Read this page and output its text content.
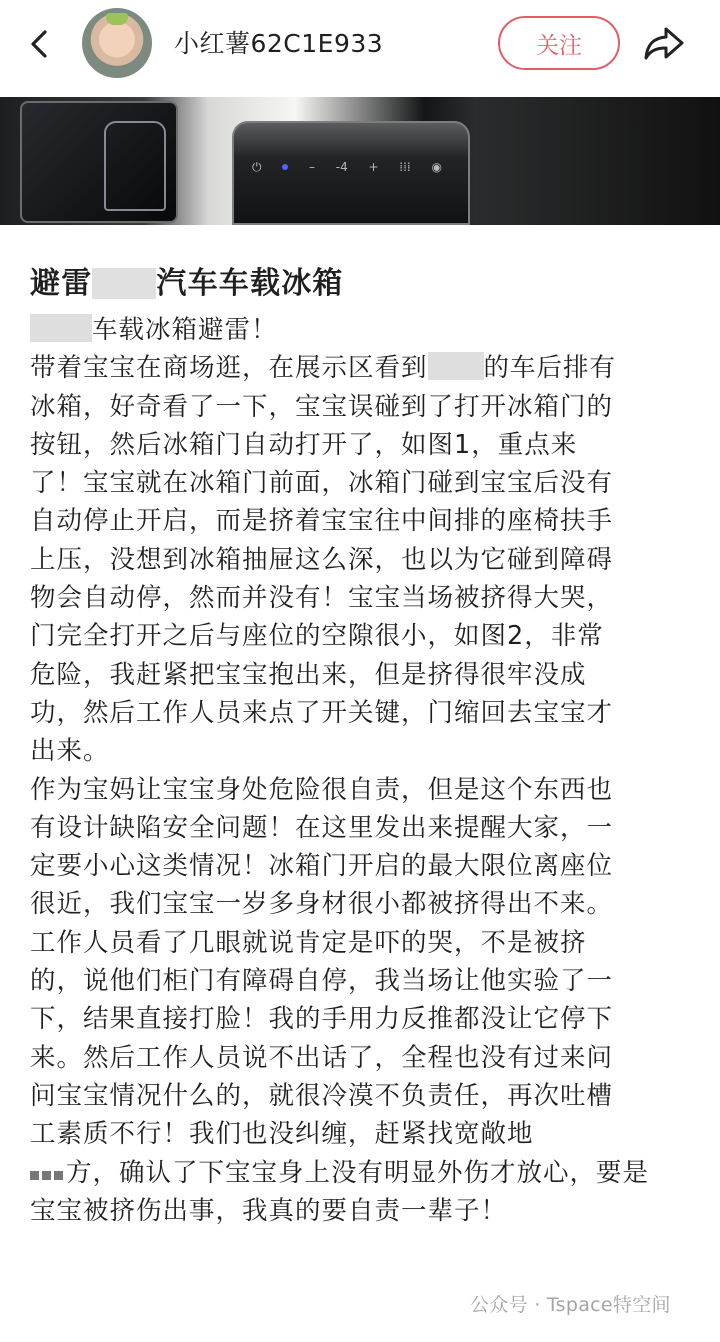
小红薯62C1E933	关注
⏻	– -4 + ⁞⁞⁞ ◉
避雷 汽车车载冰箱
车载冰箱避雷！
带着宝宝在商场逛，在展示区看到 的车后排有
冰箱，好奇看了一下，宝宝误碰到了打开冰箱门的
按钮，然后冰箱门自动打开了，如图1，重点来
了！宝宝就在冰箱门前面，冰箱门碰到宝宝后没有
自动停止开启，而是挤着宝宝往中间排的座椅扶手
上压，没想到冰箱抽屉这么深，也以为它碰到障碍
物会自动停，然而并没有！宝宝当场被挤得大哭，
门完全打开之后与座位的空隙很小，如图2，非常
危险，我赶紧把宝宝抱出来，但是挤得很牢没成
功，然后工作人员来点了开关键，门缩回去宝宝才
出来。
作为宝妈让宝宝身处危险很自责，但是这个东西也
有设计缺陷安全问题！在这里发出来提醒大家，一
定要小心这类情况！冰箱门开启的最大限位离座位
很近，我们宝宝一岁多身材很小都被挤得出不来。
工作人员看了几眼就说肯定是吓的哭，不是被挤
的，说他们柜门有障碍自停，我当场让他实验了一
下，结果直接打脸！我的手用力反推都没让它停下
来。然后工作人员说不出话了，全程也没有过来问
问宝宝情况什么的，就很冷漠不负责任，再次吐槽
工素质不行！我们也没纠缠，赶紧找宽敞地
方，确认了下宝宝身上没有明显外伤才放心，要是
宝宝被挤伤出事，我真的要自责一辈子！
公众号 · Tspace特空间
